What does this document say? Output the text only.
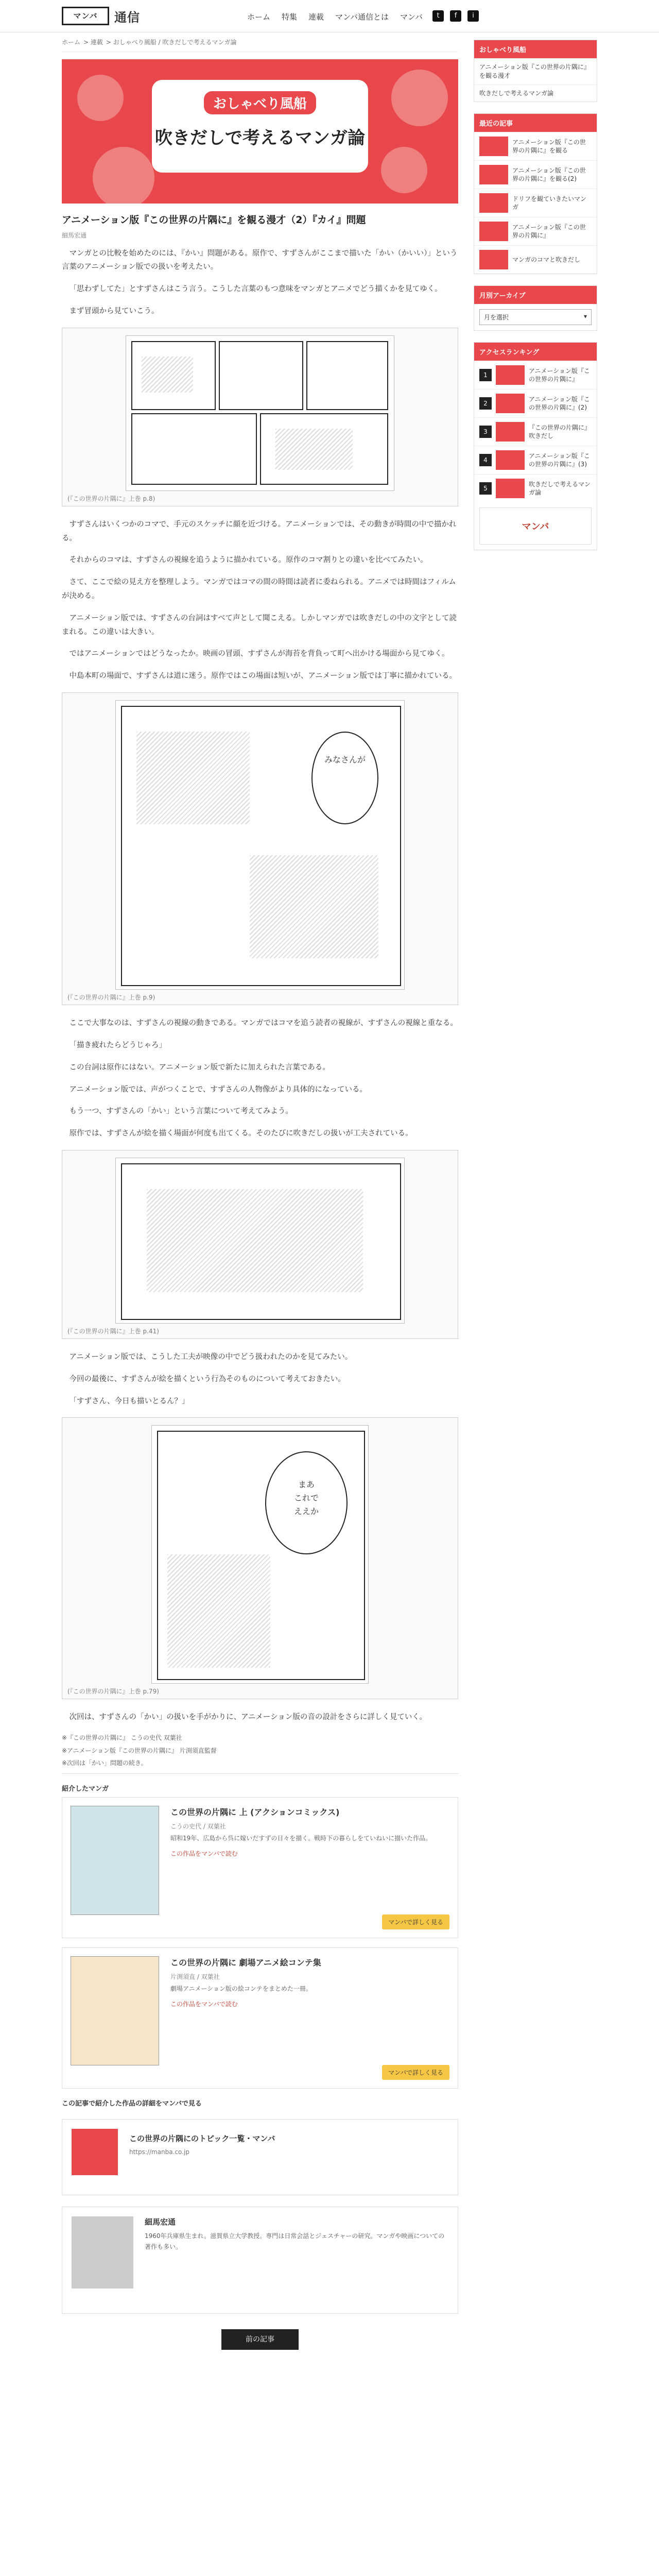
マンバ	通信	ホーム 特集 連載 マンバ通信とは マンバ	t	f	i
ホーム > 連載 > おしゃべり風船 / 吹きだしで考えるマンガ論
おしゃべり風船
吹きだしで考えるマンガ論
アニメーション版『この世界の片隅に』を観る漫才（2）『カイ』問題
細馬宏通

マンガとの比較を始めたのには、『かい』問題がある。原作で、すずさんがここまで描いた「かい（かいい）」という言葉のアニメーション版での扱いを考えたい。

「思わずしてた」とすずさんはこう言う。こうした言葉のもつ意味をマンガとアニメでどう描くかを見てゆく。

まず冒頭から見ていこう。

(『この世界の片隅に』上巻 p.8)

すずさんはいくつかのコマで、手元のスケッチに顔を近づける。アニメーションでは、その動きが時間の中で描かれる。

それからのコマは、すずさんの視線を追うように描かれている。原作のコマ割りとの違いを比べてみたい。

さて、ここで絵の見え方を整理しよう。マンガではコマの間の時間は読者に委ねられる。アニメでは時間はフィルムが決める。

アニメーション版では、すずさんの台詞はすべて声として聞こえる。しかしマンガでは吹きだしの中の文字として読まれる。この違いは大きい。

ではアニメーションではどうなったか。映画の冒頭、すずさんが海苔を背負って町へ出かける場面から見てゆく。

中島本町の場面で、すずさんは道に迷う。原作ではこの場面は短いが、アニメーション版では丁寧に描かれている。

みなさんが
(『この世界の片隅に』上巻 p.9)

ここで大事なのは、すずさんの視線の動きである。マンガではコマを追う読者の視線が、すずさんの視線と重なる。

「描き疲れたらどうじゃろ」

この台詞は原作にはない。アニメーション版で新たに加えられた言葉である。

アニメーション版では、声がつくことで、すずさんの人物像がより具体的になっている。

もう一つ、すずさんの「かい」という言葉について考えてみよう。

原作では、すずさんが絵を描く場面が何度も出てくる。そのたびに吹きだしの扱いが工夫されている。

(『この世界の片隅に』上巻 p.41)

アニメーション版では、こうした工夫が映像の中でどう扱われたのかを見てみたい。

今回の最後に、すずさんが絵を描くという行為そのものについて考えておきたい。

「すずさん、今日も描いとるん？」

まあ
これで
ええか
(『この世界の片隅に』上巻 p.79)

次回は、すずさんの「かい」の扱いを手がかりに、アニメーション版の音の設計をさらに詳しく見ていく。

※『この世界の片隅に』 こうの史代 双葉社
※アニメーション版『この世界の片隅に』 片渕須直監督
※次回は「かい」問題の続き。
紹介したマンガ
この世界の片隅に 上 (アクションコミックス)
こうの史代 / 双葉社
昭和19年、広島から呉に嫁いだすずの日々を描く。戦時下の暮らしをていねいに描いた作品。
この作品をマンバで読む
マンバで詳しく見る
この世界の片隅に 劇場アニメ絵コンテ集
片渕須直 / 双葉社
劇場アニメーション版の絵コンテをまとめた一冊。
この作品をマンバで読む
マンバで詳しく見る
この記事で紹介した作品の詳細をマンバで見る
この世界の片隅にのトピック一覧・マンバ
https://manba.co.jp
細馬宏通
1960年兵庫県生まれ。滋賀県立大学教授。専門は日常会話とジェスチャーの研究。マンガや映画についての著作も多い。
前の記事
おしゃべり風船
アニメーション版『この世界の片隅に』を観る漫才
吹きだしで考えるマンガ論
最近の記事
アニメーション版『この世界の片隅に』を観る
アニメーション版『この世界の片隅に』を観る(2)
ドリフを観ていきたいマンガ
アニメーション版『この世界の片隅に』
マンガのコマと吹きだし
月別アーカイブ
月を選択	▾
アクセスランキング
1
アニメーション版『この世界の片隅に』
2
アニメーション版『この世界の片隅に』(2)
3
『この世界の片隅に』吹きだし
4
アニメーション版『この世界の片隅に』(3)
5
吹きだしで考えるマンガ論
マンバ
